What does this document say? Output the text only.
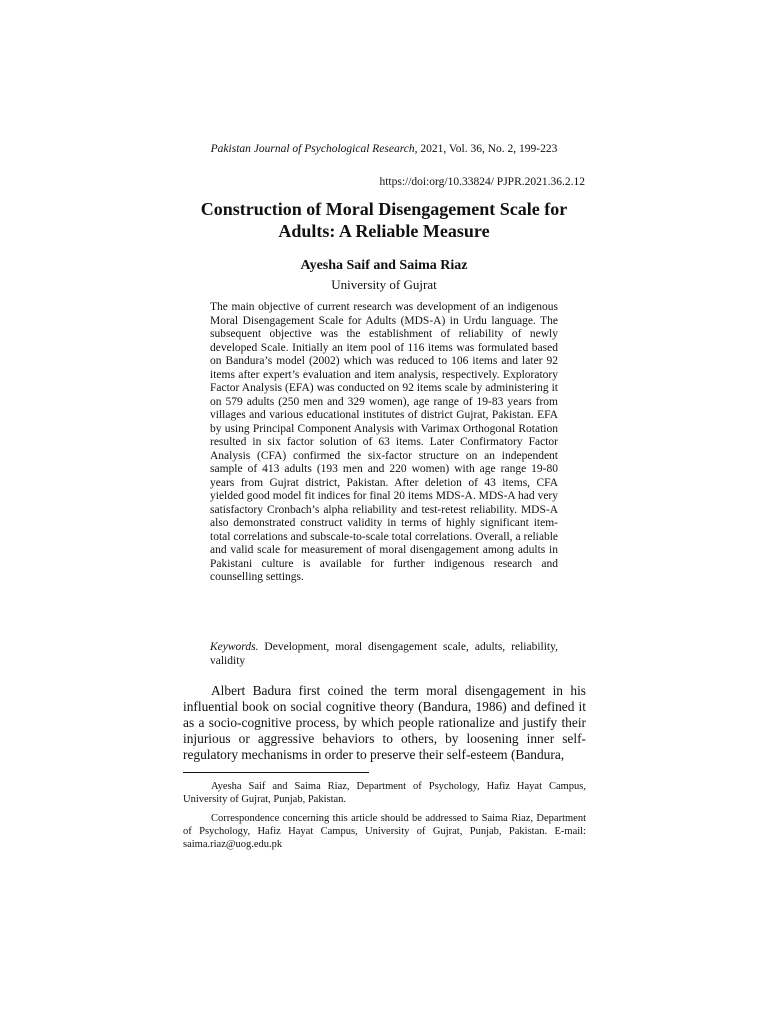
Pakistan Journal of Psychological Research, 2021, Vol. 36, No. 2, 199-223
https://doi:org/10.33824/ PJPR.2021.36.2.12
Construction of Moral Disengagement Scale for
Adults: A Reliable Measure
Ayesha Saif and Saima Riaz
University of Gujrat

The main objective of current research was development of an indigenous Moral Disengagement Scale for Adults (MDS-A) in Urdu language. The subsequent objective was the establishment of reliability of newly developed Scale. Initially an item pool of 116 items was formulated based on Bandura’s model (2002) which was reduced to 106 items and later 92 items after expert’s evaluation and item analysis, respectively. Exploratory Factor Analysis (EFA) was conducted on 92 items scale by administering it on 579 adults (250 men and 329 women), age range of 19-83 years from villages and various educational institutes of district Gujrat, Pakistan. EFA by using Principal Component Analysis with Varimax Orthogonal Rotation resulted in six factor solution of 63 items. Later Confirmatory Factor Analysis (CFA) confirmed the six-factor structure on an independent sample of 413 adults (193 men and 220 women) with age range 19-80 years from Gujrat district, Pakistan. After deletion of 43 items, CFA yielded good model fit indices for final 20 items MDS-A. MDS-A had very satisfactory Cronbach’s alpha reliability and test-retest reliability. MDS-A also demonstrated construct validity in terms of highly significant item-total correlations and subscale-to-scale total correlations. Overall, a reliable and valid scale for measurement of moral disengagement among adults in Pakistani culture is available for further indigenous research and counselling settings.

Keywords. Development, moral disengagement scale, adults, reliability, validity

Albert Badura first coined the term moral disengagement in his influential book on social cognitive theory (Bandura, 1986) and defined it as a socio-cognitive process, by which people rationalize and justify their injurious or aggressive behaviors to others, by loosening inner self-regulatory mechanisms in order to preserve their self-esteem (Bandura,

Ayesha Saif and Saima Riaz, Department of Psychology, Hafiz Hayat Campus, University of Gujrat, Punjab, Pakistan.

Correspondence concerning this article should be addressed to Saima Riaz, Department of Psychology, Hafiz Hayat Campus, University of Gujrat, Punjab, Pakistan. E-mail: saima.riaz@uog.edu.pk
